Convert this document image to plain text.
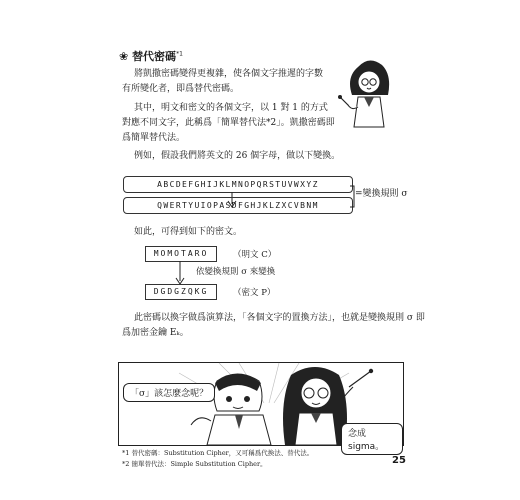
❀ 替代密碼$^{*1}$
將凱撒密碼變得更複雜，使各個文字推遲的字數
有所變化者，即爲替代密碼。
其中，明文和密文的各個文字，以 1 對 1 的方式
對應不同文字，此稱爲「簡單替代法*2」。凱撒密碼即
爲簡單替代法。
例如，假設我們將英文的 26 個字母，做以下變換。
ABCDEFGHIJKLMNOPQRSTUVWXYZ
QWERTYUIOPASDFGHJKLZXCVBNM
=變換規則 σ
如此，可得到如下的密文。
MOMOTARO	（明文 C）
依變換規則 σ 來變換
DGDGZQKG	（密文 P）
此密碼以換字做爲演算法，「各個文字的置換方法」，也就是變換規則 σ 即
爲加密金鑰 Eₖ。
「σ」該怎麼念呢？
念成 sigma。
*1 替代密碼：Substitution Cipher，又可稱爲代換法、替代法。
*2 簡單替代法：Simple Substitution Cipher。	25
